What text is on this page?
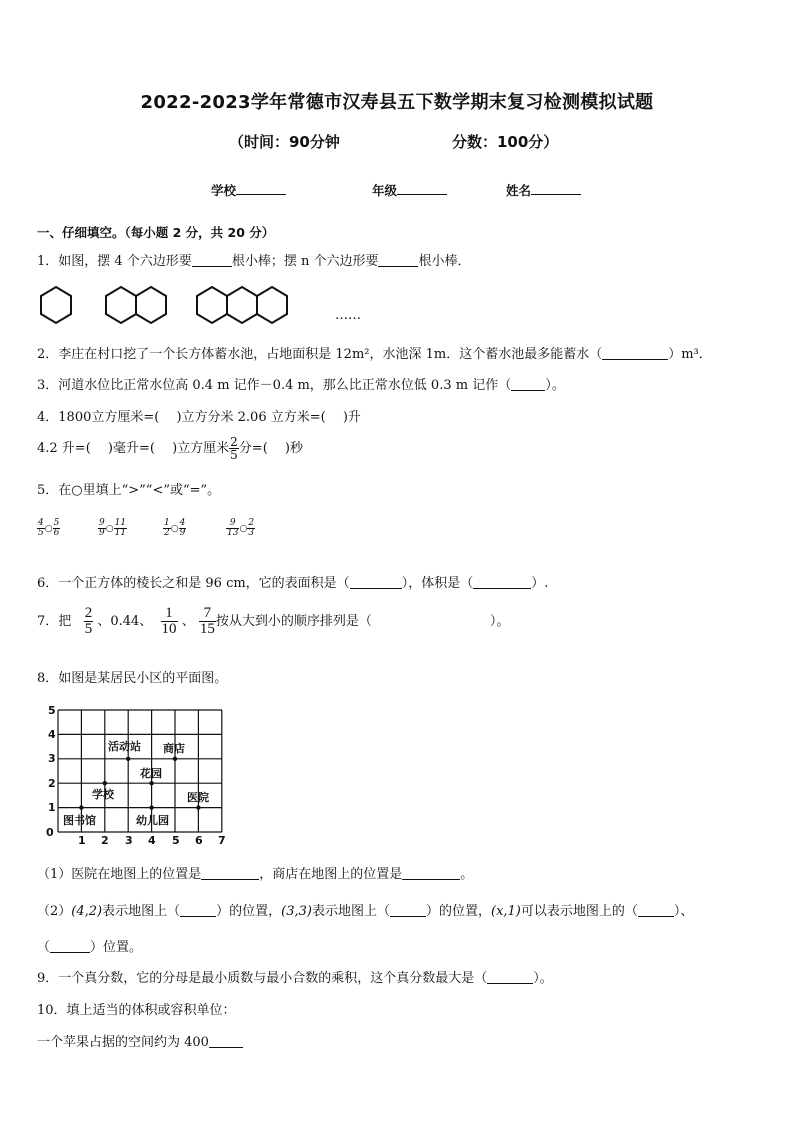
2022-2023学年常德市汉寿县五下数学期末复习检测模拟试题
（时间：90分钟	分数：100分）
学校	年级	姓名
一、仔细填空。（每小题 2 分，共 20 分）
1．如图，摆 4 个六边形要	根小棒；摆 n 个六边形要	根小棒．
……
2．李庄在村口挖了一个长方体蓄水池，占地面积是 12m²，水池深 1m．这个蓄水池最多能蓄水（	）m³．
3．河道水位比正常水位高 0.4 m 记作－0.4 m，那么比正常水位低 0.3 m 记作（	）。
4．1800立方厘米=(　 )立方分米 2.06 立方米=(　 )升
4.2 升=(　 )毫升=(　 )立方厘米 $\frac{2}{5}$ 分=(　 )秒
5．在○里填上“>”“<”或“=”。
$\frac{4}{5}$ ○ $\frac{5}{6}$	$\frac{9}{9}$ ○ $\frac{11}{11}$	$\frac{1}{2}$ ○ $\frac{4}{9}$	$\frac{9}{13}$ ○ $\frac{2}{3}$
6．一个正方体的棱长之和是 96 cm，它的表面积是（	），体积是（	）.
7．把 $\frac{2}{5}$ 、0.44、 $\frac{1}{10}$ 、 $\frac{7}{15}$ 按从大到小的顺序排列是（	）。
8．如图是某居民小区的平面图。
0
1 2 3 4 5 6 7
1
2
3
4
5
图书馆
学校
活动站 商店
花园
医院
幼儿园
（1）医院在地图上的位置是	，商店在地图上的位置是	。
（2）(4,2)表示地图上（	）的位置，(3,3)表示地图上（	）的位置，(x,1)可以表示地图上的（	）、
（	）位置。
9．一个真分数，它的分母是最小质数与最小合数的乘积，这个真分数最大是（	）。
10．填上适当的体积或容积单位：
一个苹果占据的空间约为 400
